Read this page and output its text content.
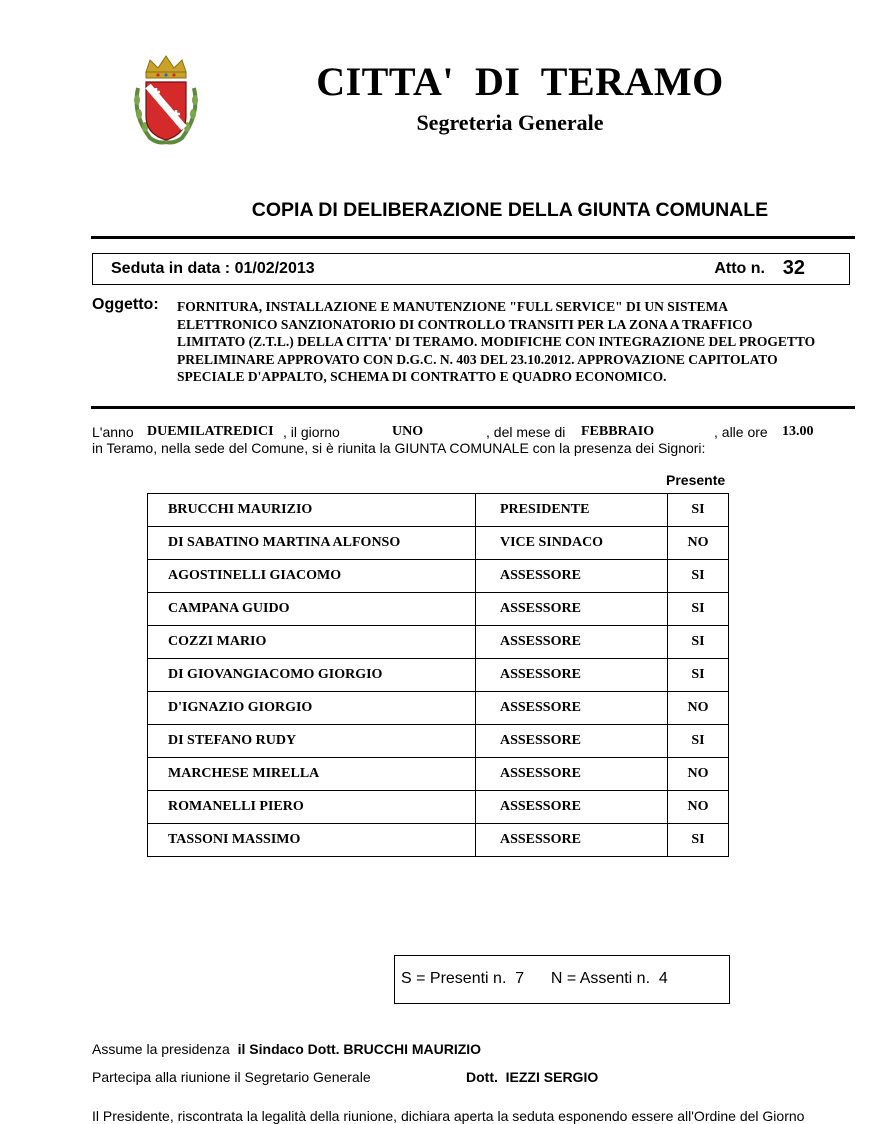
CITTA'  DI  TERAMO
Segreteria Generale
COPIA DI DELIBERAZIONE DELLA GIUNTA COMUNALE
Seduta in data : 01/02/2013	Atto n. 32
Oggetto: FORNITURA, INSTALLAZIONE E MANUTENZIONE "FULL SERVICE" DI UN SISTEMA ELETTRONICO SANZIONATORIO DI CONTROLLO TRANSITI PER LA ZONA A TRAFFICO LIMITATO (Z.T.L.) DELLA CITTA' DI TERAMO. MODIFICHE CON INTEGRAZIONE DEL PROGETTO PRELIMINARE APPROVATO CON D.G.C. N. 403 DEL 23.10.2012. APPROVAZIONE CAPITOLATO SPECIALE D'APPALTO, SCHEMA DI CONTRATTO E QUADRO ECONOMICO.
L'anno DUEMILATREDICI , il giorno	UNO	, del mese di FEBBRAIO	, alle ore 13.00
in Teramo, nella sede del Comune, si è riunita la GIUNTA COMUNALE con la presenza dei Signori:
Presente
BRUCCHI MAURIZIO	PRESIDENTE	SI
DI SABATINO MARTINA ALFONSO	VICE SINDACO	NO
AGOSTINELLI GIACOMO	ASSESSORE	SI
CAMPANA GUIDO	ASSESSORE	SI
COZZI MARIO	ASSESSORE	SI
DI GIOVANGIACOMO GIORGIO	ASSESSORE	SI
D'IGNAZIO GIORGIO	ASSESSORE	NO
DI STEFANO RUDY	ASSESSORE	SI
MARCHESE MIRELLA	ASSESSORE	NO
ROMANELLI PIERO	ASSESSORE	NO
TASSONI MASSIMO	ASSESSORE	SI
S = Presenti n.  7      N = Assenti n.  4
Assume la presidenza il Sindaco Dott. BRUCCHI MAURIZIO
Partecipa alla riunione il Segretario Generale	Dott.  IEZZI SERGIO
Il Presidente, riscontrata la legalità della riunione, dichiara aperta la seduta esponendo essere all'Ordine del Giorno
